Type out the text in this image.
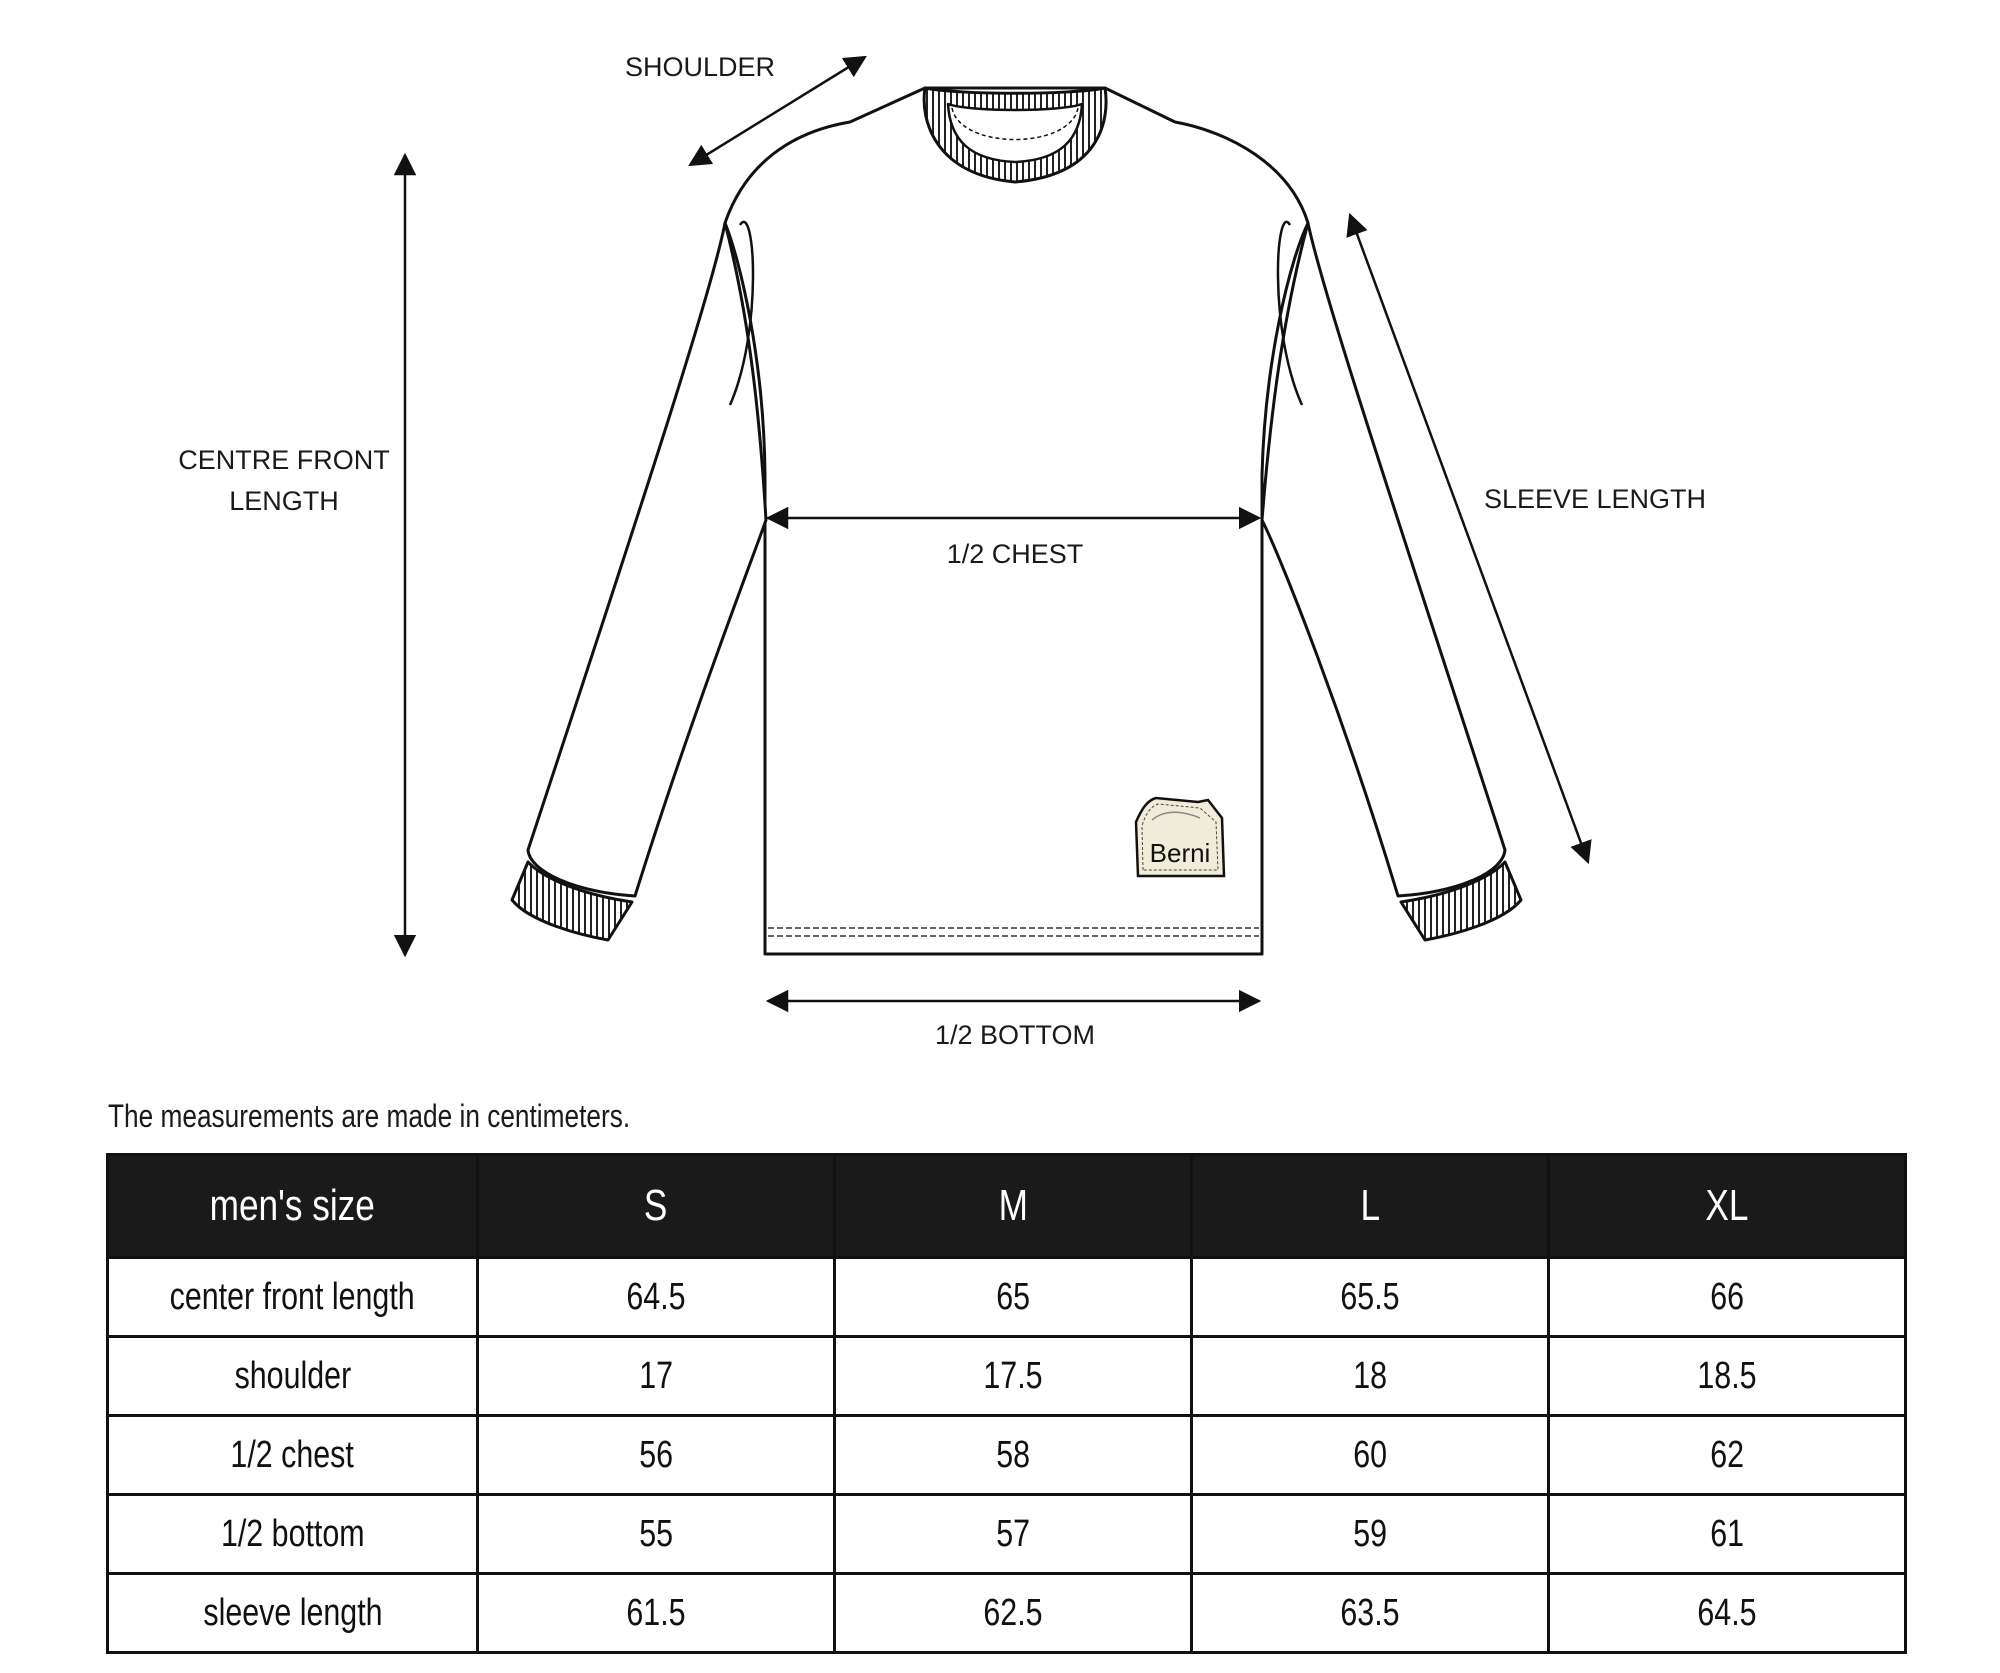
Berni
SHOULDER
CENTRE FRONT
LENGTH	SLEEVE LENGTH
1/2 CHEST
1/2 BOTTOM
The measurements are made in centimeters.
men's size	S	M	L	XL
center front length	64.5	65	65.5	66
shoulder	17	17.5	18	18.5
1/2 chest	56	58	60	62
1/2 bottom	55	57	59	61
sleeve length	61.5	62.5	63.5	64.5
